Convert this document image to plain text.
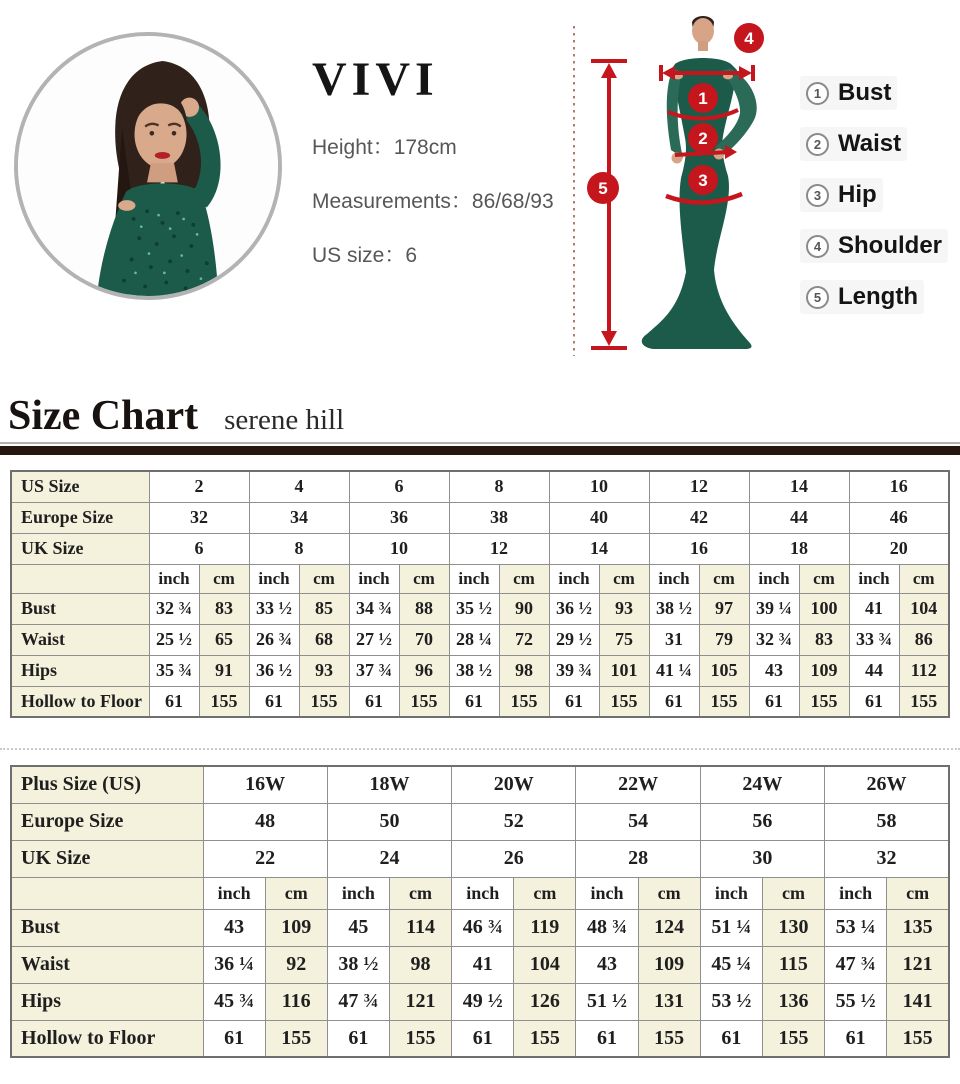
VIVI
Height：178cm
Measurements：86/68/93
US size：6
1
2
3
4
5
1 Bust
2 Waist
3 Hip
4 Shoulder
5 Length
Size Chart serene hill
US Size	2		4		6		8		10		12		14		16	
Europe Size	32		34		36		38		40		42		44		46	
UK Size	6		8		10		12		14		16		18		20	
	inch	cm	inch	cm	inch	cm	inch	cm	inch	cm	inch	cm	inch	cm	inch	cm
Bust	32 ¾	83	33 ½	85	34 ¾	88	35 ½	90	36 ½	93	38 ½	97	39 ¼	100	41	104
Waist	25 ½	65	26 ¾	68	27 ½	70	28 ¼	72	29 ½	75	31	79	32 ¾	83	33 ¾	86
Hips	35 ¾	91	36 ½	93	37 ¾	96	38 ½	98	39 ¾	101	41 ¼	105	43	109	44	112
Hollow to Floor	61	155	61	155	61	155	61	155	61	155	61	155	61	155	61	155
Plus Size (US)	16W		18W		20W		22W		24W		26W	
Europe Size	48		50		52		54		56		58	
UK Size	22		24		26		28		30		32	
	inch	cm	inch	cm	inch	cm	inch	cm	inch	cm	inch	cm
Bust	43	109	45	114	46 ¾	119	48 ¾	124	51 ¼	130	53 ¼	135
Waist	36 ¼	92	38 ½	98	41	104	43	109	45 ¼	115	47 ¾	121
Hips	45 ¾	116	47 ¾	121	49 ½	126	51 ½	131	53 ½	136	55 ½	141
Hollow to Floor	61	155	61	155	61	155	61	155	61	155	61	155
